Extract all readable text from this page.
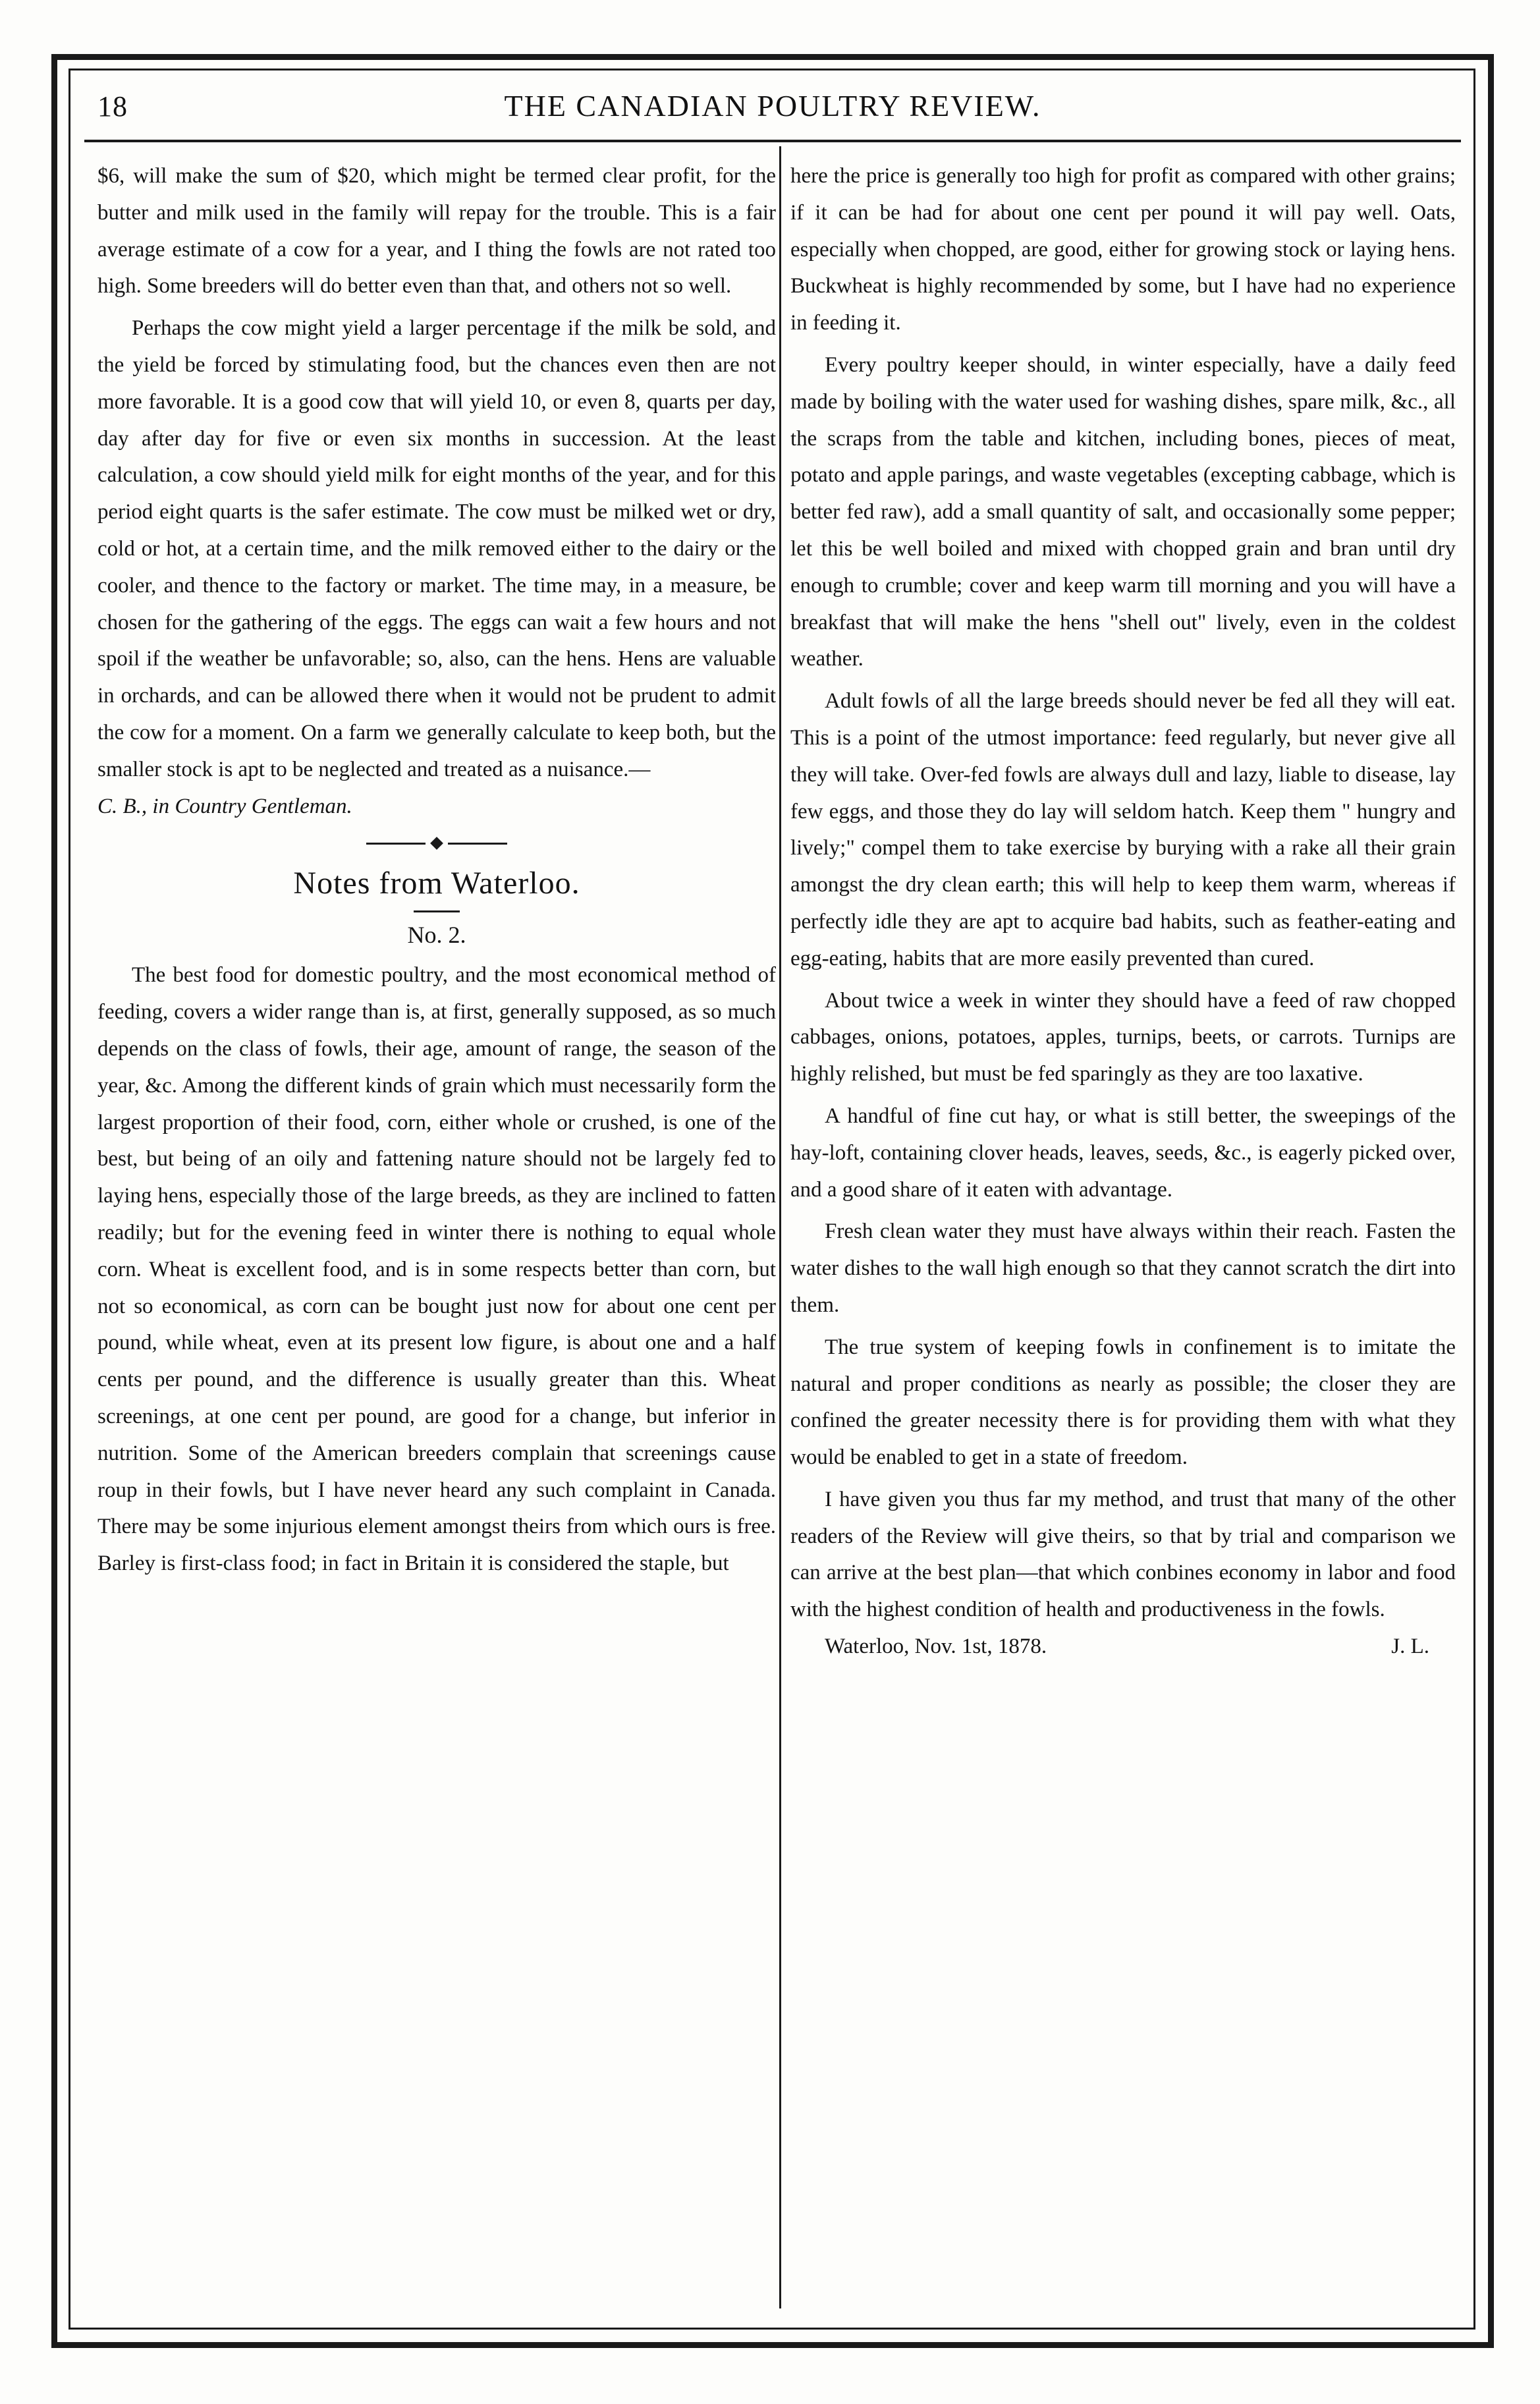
18	THE CANADIAN POULTRY REVIEW.

$6, will make the sum of $20, which might be termed clear profit, for the butter and milk used in the family will repay for the trouble. This is a fair average estimate of a cow for a year, and I thing the fowls are not rated too high. Some breeders will do better even than that, and others not so well.

Perhaps the cow might yield a larger percentage if the milk be sold, and the yield be forced by stimulating food, but the chances even then are not more favorable. It is a good cow that will yield 10, or even 8, quarts per day, day after day for five or even six months in succession. At the least calculation, a cow should yield milk for eight months of the year, and for this period eight quarts is the safer estimate. The cow must be milked wet or dry, cold or hot, at a certain time, and the milk removed either to the dairy or the cooler, and thence to the factory or market. The time may, in a measure, be chosen for the gathering of the eggs. The eggs can wait a few hours and not spoil if the weather be unfavorable; so, also, can the hens. Hens are valuable in orchards, and can be allowed there when it would not be prudent to admit the cow for a moment. On a farm we generally calculate to keep both, but the smaller stock is apt to be neglected and treated as a nuisance.—

C. B., in Country Gentleman.

Notes from Waterloo.
No. 2.

The best food for domestic poultry, and the most economical method of feeding, covers a wider range than is, at first, generally supposed, as so much depends on the class of fowls, their age, amount of range, the season of the year, &c. Among the different kinds of grain which must necessarily form the largest proportion of their food, corn, either whole or crushed, is one of the best, but being of an oily and fattening nature should not be largely fed to laying hens, especially those of the large breeds, as they are inclined to fatten readily; but for the evening feed in winter there is nothing to equal whole corn. Wheat is excellent food, and is in some respects better than corn, but not so economical, as corn can be bought just now for about one cent per pound, while wheat, even at its present low figure, is about one and a half cents per pound, and the difference is usually greater than this. Wheat screenings, at one cent per pound, are good for a change, but inferior in nutrition. Some of the American breeders complain that screenings cause roup in their fowls, but I have never heard any such complaint in Canada. There may be some injurious element amongst theirs from which ours is free. Barley is first-class food; in fact in Britain it is considered the staple, but

here the price is generally too high for profit as compared with other grains; if it can be had for about one cent per pound it will pay well. Oats, especially when chopped, are good, either for growing stock or laying hens. Buckwheat is highly recommended by some, but I have had no experience in feeding it.

Every poultry keeper should, in winter especially, have a daily feed made by boiling with the water used for washing dishes, spare milk, &c., all the scraps from the table and kitchen, including bones, pieces of meat, potato and apple parings, and waste vegetables (excepting cabbage, which is better fed raw), add a small quantity of salt, and occasionally some pepper; let this be well boiled and mixed with chopped grain and bran until dry enough to crumble; cover and keep warm till morning and you will have a breakfast that will make the hens "shell out" lively, even in the coldest weather.

Adult fowls of all the large breeds should never be fed all they will eat. This is a point of the utmost importance: feed regularly, but never give all they will take. Over-fed fowls are always dull and lazy, liable to disease, lay few eggs, and those they do lay will seldom hatch. Keep them " hungry and lively;" compel them to take exercise by burying with a rake all their grain amongst the dry clean earth; this will help to keep them warm, whereas if perfectly idle they are apt to acquire bad habits, such as feather-eating and egg-eating, habits that are more easily prevented than cured.

About twice a week in winter they should have a feed of raw chopped cabbages, onions, potatoes, apples, turnips, beets, or carrots. Turnips are highly relished, but must be fed sparingly as they are too laxative.

A handful of fine cut hay, or what is still better, the sweepings of the hay-loft, containing clover heads, leaves, seeds, &c., is eagerly picked over, and a good share of it eaten with advantage.

Fresh clean water they must have always within their reach. Fasten the water dishes to the wall high enough so that they cannot scratch the dirt into them.

The true system of keeping fowls in confinement is to imitate the natural and proper conditions as nearly as possible; the closer they are confined the greater necessity there is for providing them with what they would be enabled to get in a state of freedom.

I have given you thus far my method, and trust that many of the other readers of the Review will give theirs, so that by trial and comparison we can arrive at the best plan—that which conbines economy in labor and food with the highest condition of health and productiveness in the fowls.

Waterloo, Nov. 1st, 1878.	J. L.
